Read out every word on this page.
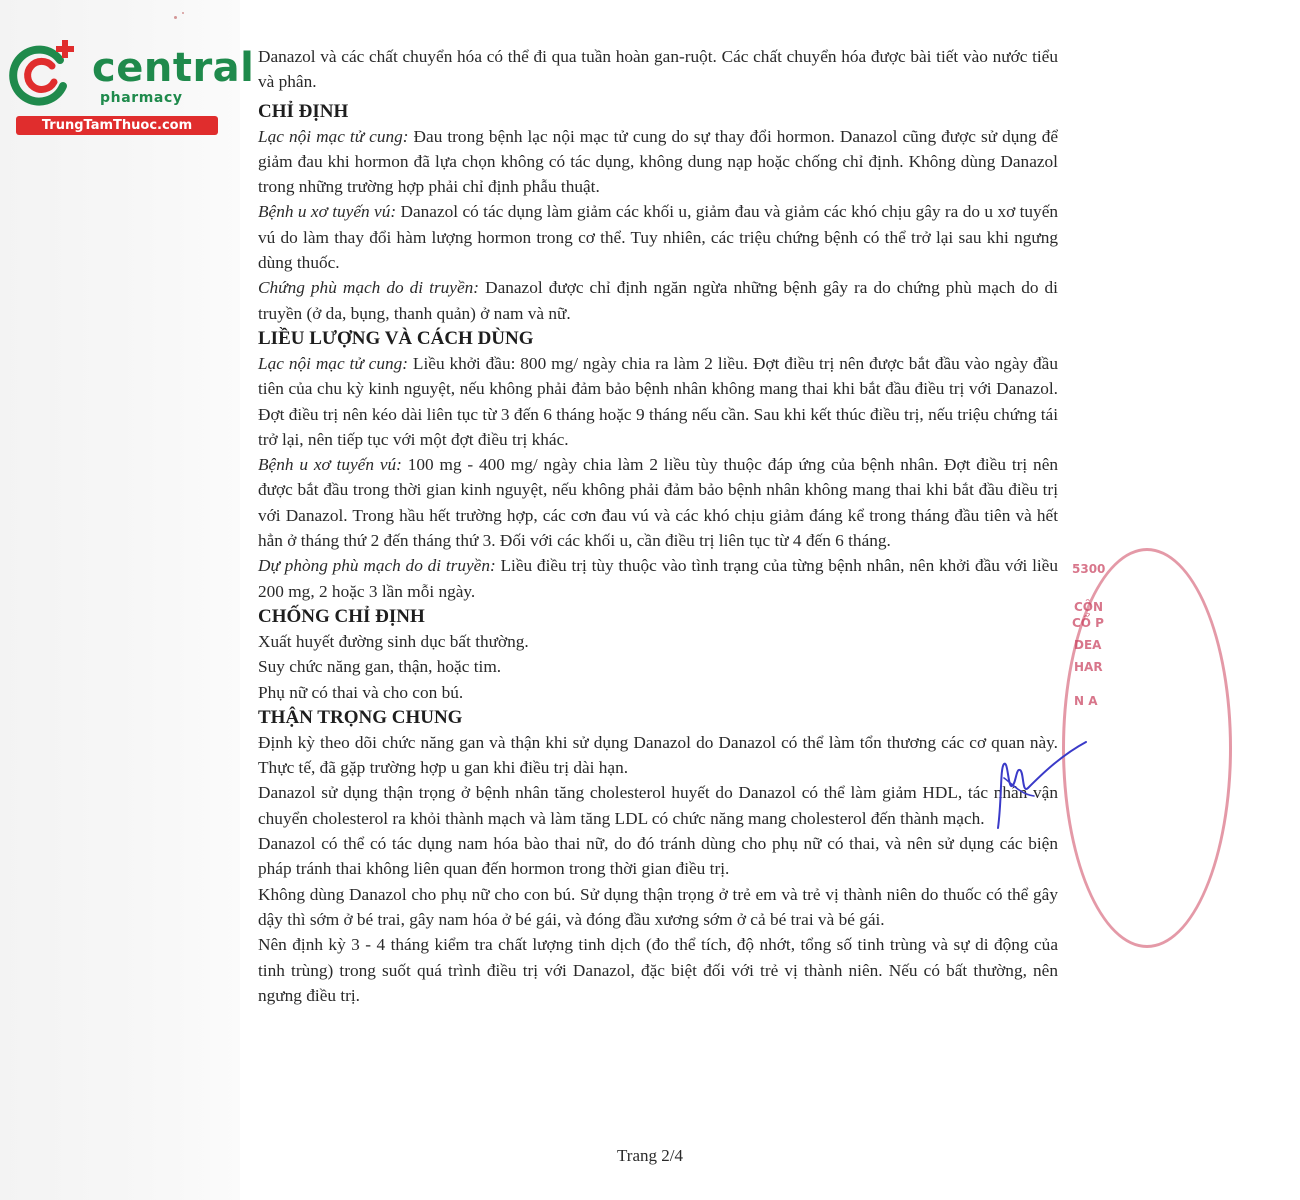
central
pharmacy
TrungTamThuoc.com

Danazol và các chất chuyển hóa có thể đi qua tuần hoàn gan-ruột. Các chất chuyển hóa được bài tiết vào nước tiểu và phân.

CHỈ ĐỊNH

Lạc nội mạc tử cung: Đau trong bệnh lạc nội mạc tử cung do sự thay đổi hormon. Danazol cũng được sử dụng để giảm đau khi hormon đã lựa chọn không có tác dụng, không dung nạp hoặc chống chỉ định. Không dùng Danazol trong những trường hợp phải chỉ định phẫu thuật.

Bệnh u xơ tuyến vú: Danazol có tác dụng làm giảm các khối u, giảm đau và giảm các khó chịu gây ra do u xơ tuyến vú do làm thay đổi hàm lượng hormon trong cơ thể. Tuy nhiên, các triệu chứng bệnh có thể trở lại sau khi ngưng dùng thuốc.

Chứng phù mạch do di truyền: Danazol được chỉ định ngăn ngừa những bệnh gây ra do chứng phù mạch do di truyền (ở da, bụng, thanh quản) ở nam và nữ.

LIỀU LƯỢNG VÀ CÁCH DÙNG

Lạc nội mạc tử cung: Liều khởi đầu: 800 mg/ ngày chia ra làm 2 liều. Đợt điều trị nên được bắt đầu vào ngày đầu tiên của chu kỳ kinh nguyệt, nếu không phải đảm bảo bệnh nhân không mang thai khi bắt đầu điều trị với Danazol. Đợt điều trị nên kéo dài liên tục từ 3 đến 6 tháng hoặc 9 tháng nếu cần. Sau khi kết thúc điều trị, nếu triệu chứng tái trở lại, nên tiếp tục với một đợt điều trị khác.

Bệnh u xơ tuyến vú: 100 mg - 400 mg/ ngày chia làm 2 liều tùy thuộc đáp ứng của bệnh nhân. Đợt điều trị nên được bắt đầu trong thời gian kinh nguyệt, nếu không phải đảm bảo bệnh nhân không mang thai khi bắt đầu điều trị với Danazol. Trong hầu hết trường hợp, các cơn đau vú và các khó chịu giảm đáng kể trong tháng đầu tiên và hết hẳn ở tháng thứ 2 đến tháng thứ 3. Đối với các khối u, cần điều trị liên tục từ 4 đến 6 tháng.

Dự phòng phù mạch do di truyền: Liều điều trị tùy thuộc vào tình trạng của từng bệnh nhân, nên khởi đầu với liều 200 mg, 2 hoặc 3 lần mỗi ngày.

CHỐNG CHỈ ĐỊNH

Xuất huyết đường sinh dục bất thường.

Suy chức năng gan, thận, hoặc tim.

Phụ nữ có thai và cho con bú.

THẬN TRỌNG CHUNG

Định kỳ theo dõi chức năng gan và thận khi sử dụng Danazol do Danazol có thể làm tổn thương các cơ quan này. Thực tế, đã gặp trường hợp u gan khi điều trị dài hạn.

Danazol sử dụng thận trọng ở bệnh nhân tăng cholesterol huyết do Danazol có thể làm giảm HDL, tác nhân vận chuyển cholesterol ra khỏi thành mạch và làm tăng LDL có chức năng mang cholesterol đến thành mạch.

Danazol có thể có tác dụng nam hóa bào thai nữ, do đó tránh dùng cho phụ nữ có thai, và nên sử dụng các biện pháp tránh thai không liên quan đến hormon trong thời gian điều trị.

Không dùng Danazol cho phụ nữ cho con bú. Sử dụng thận trọng ở trẻ em và trẻ vị thành niên do thuốc có thể gây dậy thì sớm ở bé trai, gây nam hóa ở bé gái, và đóng đầu xương sớm ở cả bé trai và bé gái.

Nên định kỳ 3 - 4 tháng kiểm tra chất lượng tinh dịch (đo thể tích, độ nhớt, tổng số tinh trùng và sự di động của tinh trùng) trong suốt quá trình điều trị với Danazol, đặc biệt đối với trẻ vị thành niên. Nếu có bất thường, nên ngưng điều trị.

Trang 2/4
5300
CÔN
CỔ P
DEA
HAR
N A
